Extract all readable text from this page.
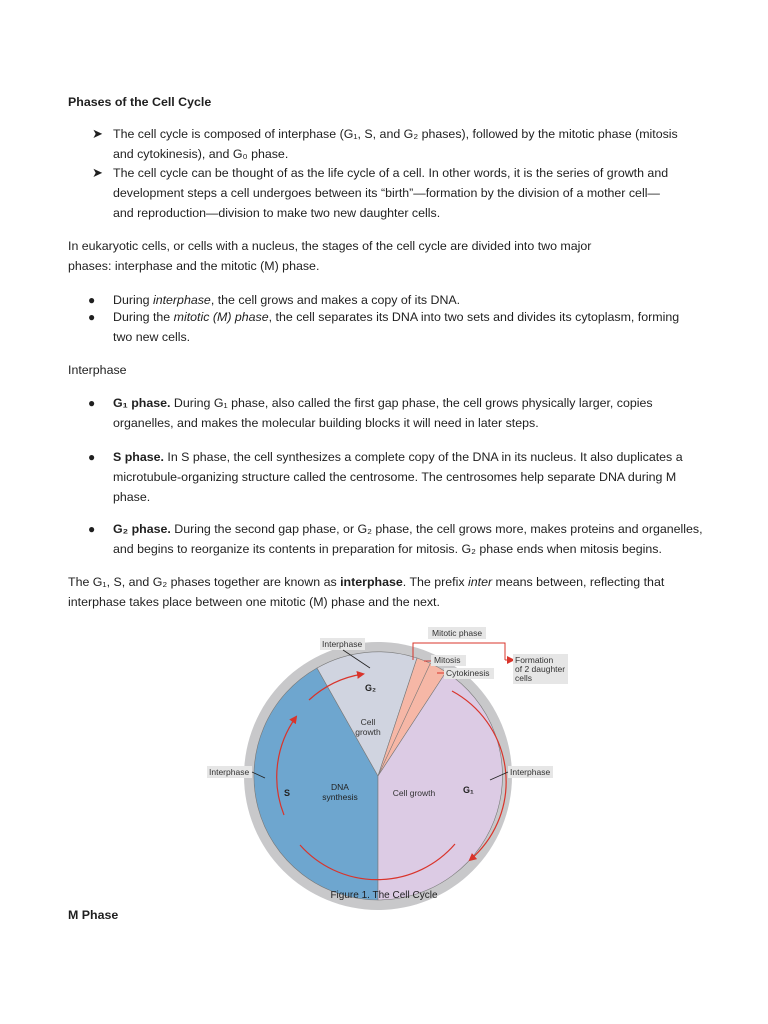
Phases of the Cell Cycle
➤ The cell cycle is composed of interphase (G₁, S, and G₂ phases), followed by the mitotic phase (mitosis
and cytokinesis), and G₀ phase.
➤ The cell cycle can be thought of as the life cycle of a cell. In other words, it is the series of growth and
development steps a cell undergoes between its “birth”—formation by the division of a mother cell—
and reproduction—division to make two new daughter cells.
In eukaryotic cells, or cells with a nucleus, the stages of the cell cycle are divided into two major
phases: interphase and the mitotic (M) phase.
● During interphase, the cell grows and makes a copy of its DNA.
● During the mitotic (M) phase, the cell separates its DNA into two sets and divides its cytoplasm, forming
two new cells.
Interphase
● G₁ phase. During G₁ phase, also called the first gap phase, the cell grows physically larger, copies
organelles, and makes the molecular building blocks it will need in later steps.
● S phase. In S phase, the cell synthesizes a complete copy of the DNA in its nucleus. It also duplicates a
microtubule-organizing structure called the centrosome. The centrosomes help separate DNA during M
phase.
● G₂ phase. During the second gap phase, or G₂ phase, the cell grows more, makes proteins and organelles,
and begins to reorganize its contents in preparation for mitosis. G₂ phase ends when mitosis begins.
The G₁, S, and G₂ phases together are known as interphase. The prefix inter means between, reflecting that
interphase takes place between one mitotic (M) phase and the next.
Mitotic phase
Mitosis
Cytokinesis
Formation
of 2 daughter
cells
Interphase
Interphase	Interphase
G₂
G₁
S
Cell
growth
DNA
synthesis	Cell growth
Figure 1. The Cell Cycle
M Phase
